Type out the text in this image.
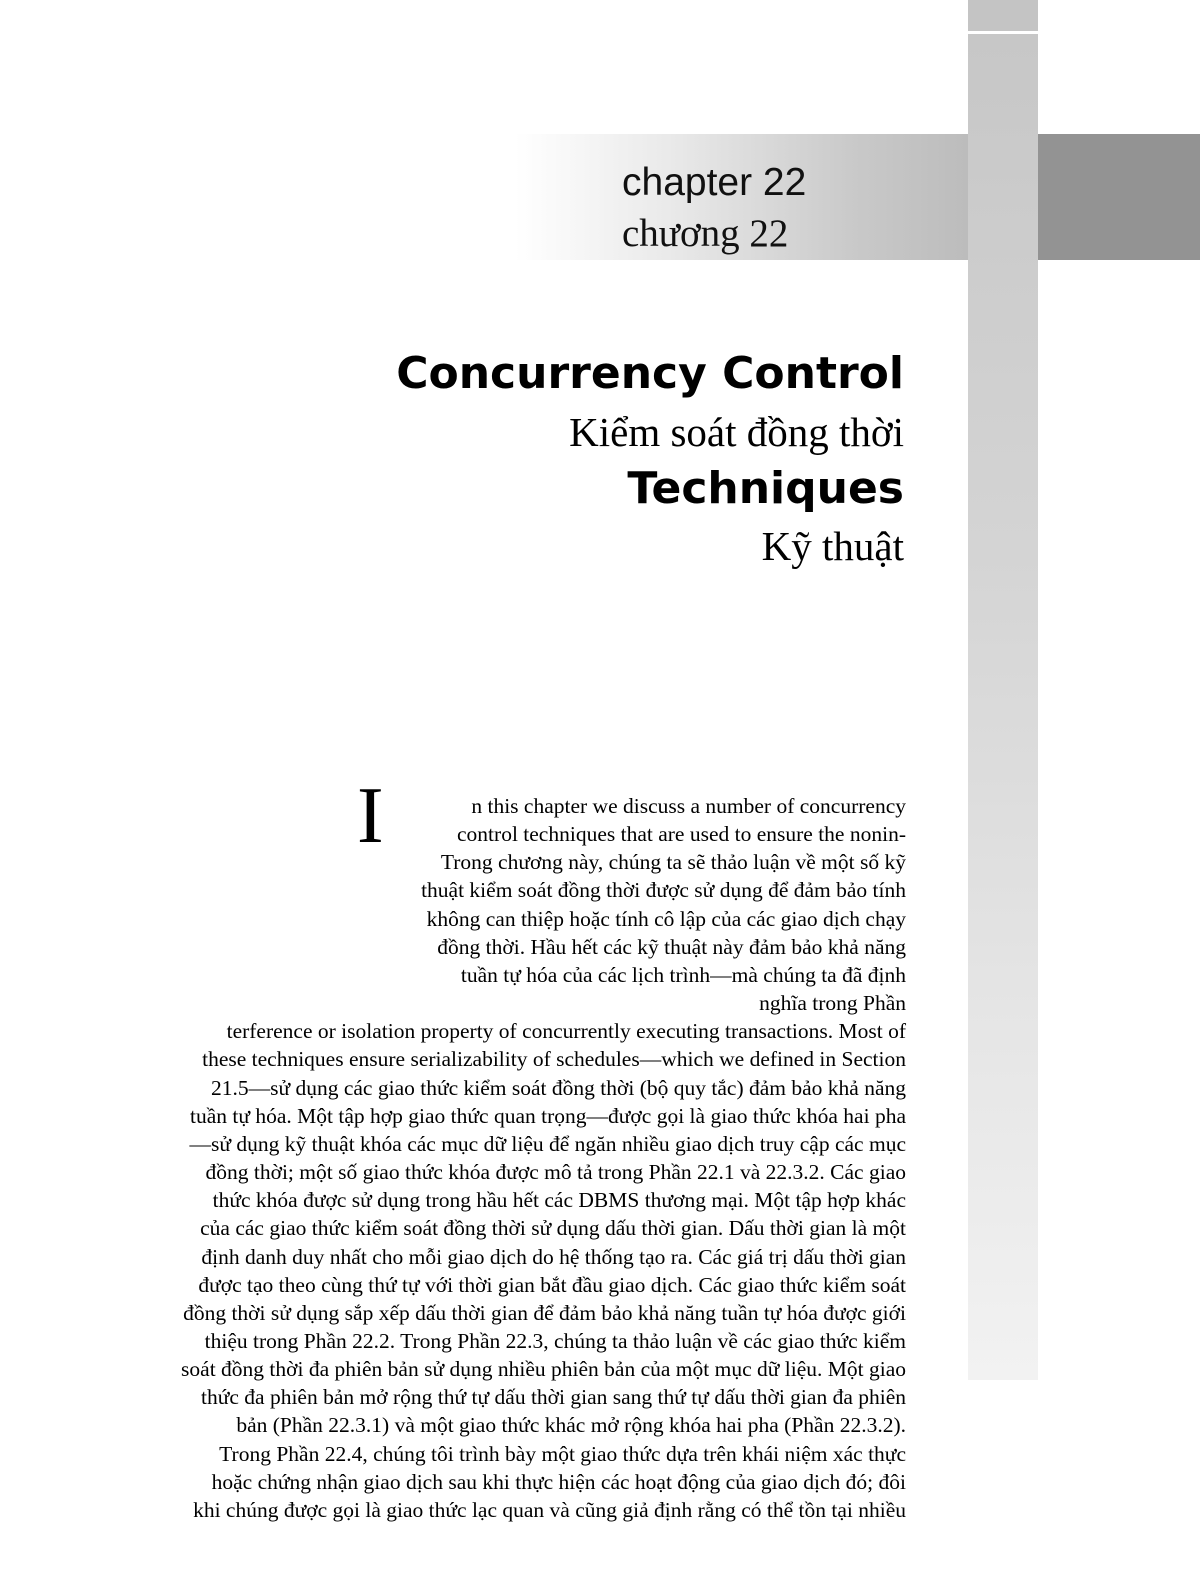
chapter 22
chương 22
Concurrency Control
Kiểm soát đồng thời
Techniques
Kỹ thuật
I	n this chapter we discuss a number of concurrency
control techniques that are used to ensure the nonin-
Trong chương này, chúng ta sẽ thảo luận về một số kỹ
thuật kiểm soát đồng thời được sử dụng để đảm bảo tính
không can thiệp hoặc tính cô lập của các giao dịch chạy
đồng thời. Hầu hết các kỹ thuật này đảm bảo khả năng
tuần tự hóa của các lịch trình—mà chúng ta đã định
nghĩa trong Phần
terference or isolation property of concurrently executing transactions. Most of
these techniques ensure serializability of schedules—which we defined in Section
21.5—sử dụng các giao thức kiểm soát đồng thời (bộ quy tắc) đảm bảo khả năng
tuần tự hóa. Một tập hợp giao thức quan trọng—được gọi là giao thức khóa hai pha
—sử dụng kỹ thuật khóa các mục dữ liệu để ngăn nhiều giao dịch truy cập các mục
đồng thời; một số giao thức khóa được mô tả trong Phần 22.1 và 22.3.2. Các giao
thức khóa được sử dụng trong hầu hết các DBMS thương mại. Một tập hợp khác
của các giao thức kiểm soát đồng thời sử dụng dấu thời gian. Dấu thời gian là một
định danh duy nhất cho mỗi giao dịch do hệ thống tạo ra. Các giá trị dấu thời gian
được tạo theo cùng thứ tự với thời gian bắt đầu giao dịch. Các giao thức kiểm soát
đồng thời sử dụng sắp xếp dấu thời gian để đảm bảo khả năng tuần tự hóa được giới
thiệu trong Phần 22.2. Trong Phần 22.3, chúng ta thảo luận về các giao thức kiểm
soát đồng thời đa phiên bản sử dụng nhiều phiên bản của một mục dữ liệu. Một giao
thức đa phiên bản mở rộng thứ tự dấu thời gian sang thứ tự dấu thời gian đa phiên
bản (Phần 22.3.1) và một giao thức khác mở rộng khóa hai pha (Phần 22.3.2).
Trong Phần 22.4, chúng tôi trình bày một giao thức dựa trên khái niệm xác thực
hoặc chứng nhận giao dịch sau khi thực hiện các hoạt động của giao dịch đó; đôi
khi chúng được gọi là giao thức lạc quan và cũng giả định rằng có thể tồn tại nhiều
